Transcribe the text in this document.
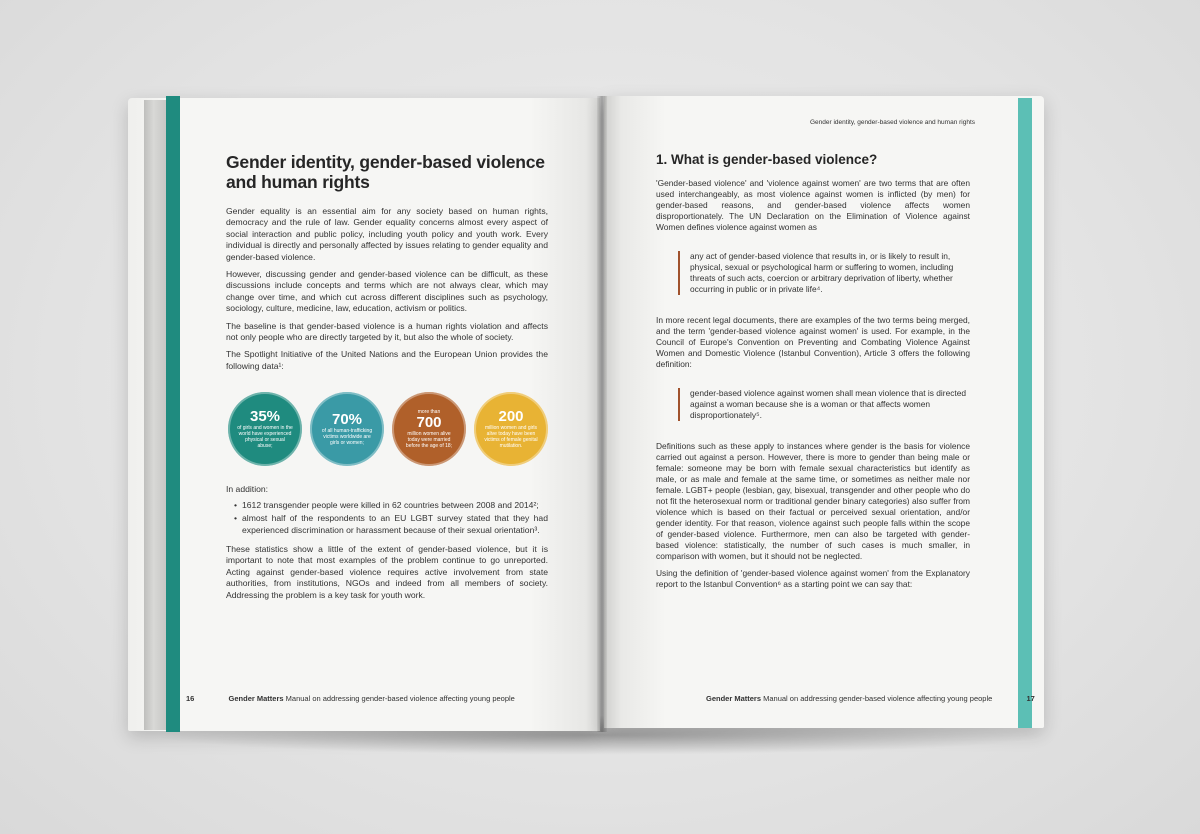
Gender identity, gender-based violence and human rights

Gender equality is an essential aim for any society based on human rights, democracy and the rule of law. Gender equality concerns almost every aspect of social interaction and public policy, including youth policy and youth work. Every individual is directly and personally affected by issues relating to gender equality and gender-based violence.

However, discussing gender and gender-based violence can be difficult, as these discussions include concepts and terms which are not always clear, which may change over time, and which cut across different disciplines such as psychology, sociology, culture, medicine, law, education, activism or politics.

The baseline is that gender-based violence is a human rights violation and affects not only people who are directly targeted by it, but also the whole of society.

The Spotlight Initiative of the United Nations and the European Union provides the following data¹:

35%
of girls and women in the world have experienced physical or sexual abuse;
70%
of all human-trafficking victims worldwide are girls or women;
more than
700
million women alive today were married before the age of 18;
200
million women and girls alive today have been victims of female genital mutilation.
In addition:
• 1612 transgender people were killed in 62 countries between 2008 and 2014²;
• almost half of the respondents to an EU LGBT survey stated that they had experienced discrimination or harassment because of their sexual orientation³.

These statistics show a little of the extent of gender-based violence, but it is important to note that most examples of the problem continue to go unreported. Acting against gender-based violence requires active involvement from state authorities, from institutions, NGOs and indeed from all members of society. Addressing the problem is a key task for youth work.

16	Gender Matters Manual on addressing gender-based violence affecting young people
Gender identity, gender-based violence and human rights
1. What is gender-based violence?

'Gender-based violence' and 'violence against women' are two terms that are often used interchangeably, as most violence against women is inflicted (by men) for gender-based reasons, and gender-based violence affects women disproportionately. The UN Declaration on the Elimination of Violence against Women defines violence against women as

any act of gender-based violence that results in, or is likely to result in, physical, sexual or psychological harm or suffering to women, including threats of such acts, coercion or arbitrary deprivation of liberty, whether occurring in public or in private life⁴.

In more recent legal documents, there are examples of the two terms being merged, and the term 'gender-based violence against women' is used. For example, in the Council of Europe's Convention on Preventing and Combating Violence Against Women and Domestic Violence (Istanbul Convention), Article 3 offers the following definition:

gender-based violence against women shall mean violence that is directed against a woman because she is a woman or that affects women disproportionately⁵.

Definitions such as these apply to instances where gender is the basis for violence carried out against a person. However, there is more to gender than being male or female: someone may be born with female sexual characteristics but identify as male, or as male and female at the same time, or sometimes as neither male nor female. LGBT+ people (lesbian, gay, bisexual, transgender and other people who do not fit the heterosexual norm or traditional gender binary categories) also suffer from violence which is based on their factual or perceived sexual orientation, and/or gender identity. For that reason, violence against such people falls within the scope of gender-based violence. Furthermore, men can also be targeted with gender-based violence: statistically, the number of such cases is much smaller, in comparison with women, but it should not be neglected.

Using the definition of 'gender-based violence against women' from the Explanatory report to the Istanbul Convention⁶ as a starting point we can say that:

Gender Matters Manual on addressing gender-based violence affecting young people	17
